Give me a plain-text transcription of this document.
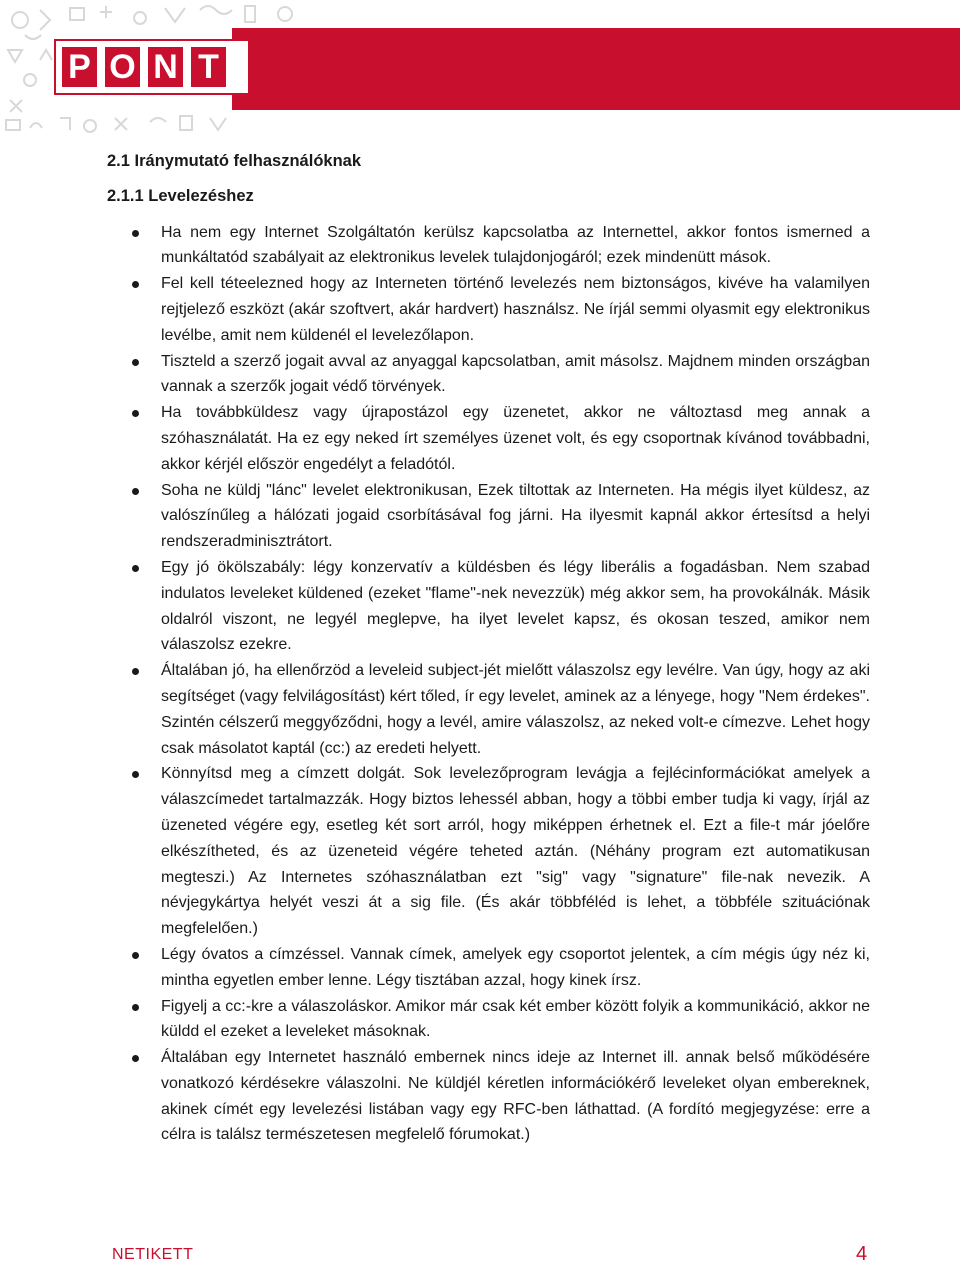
P O N T
2.1 Iránymutató felhasználóknak
2.1.1 Levelezéshez
Ha nem egy Internet Szolgáltatón kerülsz kapcsolatba az Internettel, akkor fontos ismerned a munkáltatód szabályait az elektronikus levelek tulajdonjogáról; ezek mindenütt mások.
Fel kell téteelezned hogy az Interneten történő levelezés nem biztonságos, kivéve ha valamilyen rejtjelező eszközt (akár szoftvert, akár hardvert) használsz. Ne írjál semmi olyasmit egy elektronikus levélbe, amit nem küldenél el levelezőlapon.
Tiszteld a szerző jogait avval az anyaggal kapcsolatban, amit másolsz. Majdnem minden országban vannak a szerzők jogait védő törvények.
Ha továbbküldesz vagy újrapostázol egy üzenetet, akkor ne változtasd meg annak a szóhasználatát. Ha ez egy neked írt személyes üzenet volt, és egy csoportnak kívánod továbbadni, akkor kérjél először engedélyt a feladótól.
Soha ne küldj "lánc" levelet elektronikusan, Ezek tiltottak az Interneten. Ha mégis ilyet küldesz, az valószínűleg a hálózati jogaid csorbításával fog járni. Ha ilyesmit kapnál akkor értesítsd a helyi rendszeradminisztrátort.
Egy jó ökölszabály: légy konzervatív a küldésben és légy liberális a fogadásban. Nem szabad indulatos leveleket küldened (ezeket "flame"-nek nevezzük) még akkor sem, ha provokálnák. Másik oldalról viszont, ne legyél meglepve, ha ilyet levelet kapsz, és okosan teszed, amikor nem válaszolsz ezekre.
Általában jó, ha ellenőrzöd a leveleid subject-jét mielőtt válaszolsz egy levélre. Van úgy, hogy az aki segítséget (vagy felvilágosítást) kért tőled, ír egy levelet, aminek az a lényege, hogy "Nem érdekes". Szintén célszerű meggyőződni, hogy a levél, amire válaszolsz, az neked volt-e címezve. Lehet hogy csak másolatot kaptál (cc:) az eredeti helyett.
Könnyítsd meg a címzett dolgát. Sok levelezőprogram levágja a fejlécinformációkat amelyek a válaszcímedet tartalmazzák. Hogy biztos lehessél abban, hogy a többi ember tudja ki vagy, írjál az üzeneted végére egy, esetleg két sort arról, hogy miképpen érhetnek el. Ezt a file-t már jóelőre elkészítheted, és az üzeneteid végére teheted aztán. (Néhány program ezt automatikusan megteszi.) Az Internetes szóhasználatban ezt "sig" vagy "signature" file-nak nevezik. A névjegykártya helyét veszi át a sig file. (És akár többféléd is lehet, a többféle szituációnak megfelelően.)
Légy óvatos a címzéssel. Vannak címek, amelyek egy csoportot jelentek, a cím mégis úgy néz ki, mintha egyetlen ember lenne. Légy tisztában azzal, hogy kinek írsz.
Figyelj a cc:-kre a válaszoláskor. Amikor már csak két ember között folyik a kommunikáció, akkor ne küldd el ezeket a leveleket másoknak.
Általában egy Internetet használó embernek nincs ideje az Internet ill. annak belső működésére vonatkozó kérdésekre válaszolni. Ne küldjél kéretlen információkérő leveleket olyan embereknek, akinek címét egy levelezési listában vagy egy RFC-ben láthattad. (A fordító megjegyzése: erre a célra is találsz természetesen megfelelő fórumokat.)
NETIKETT	4
